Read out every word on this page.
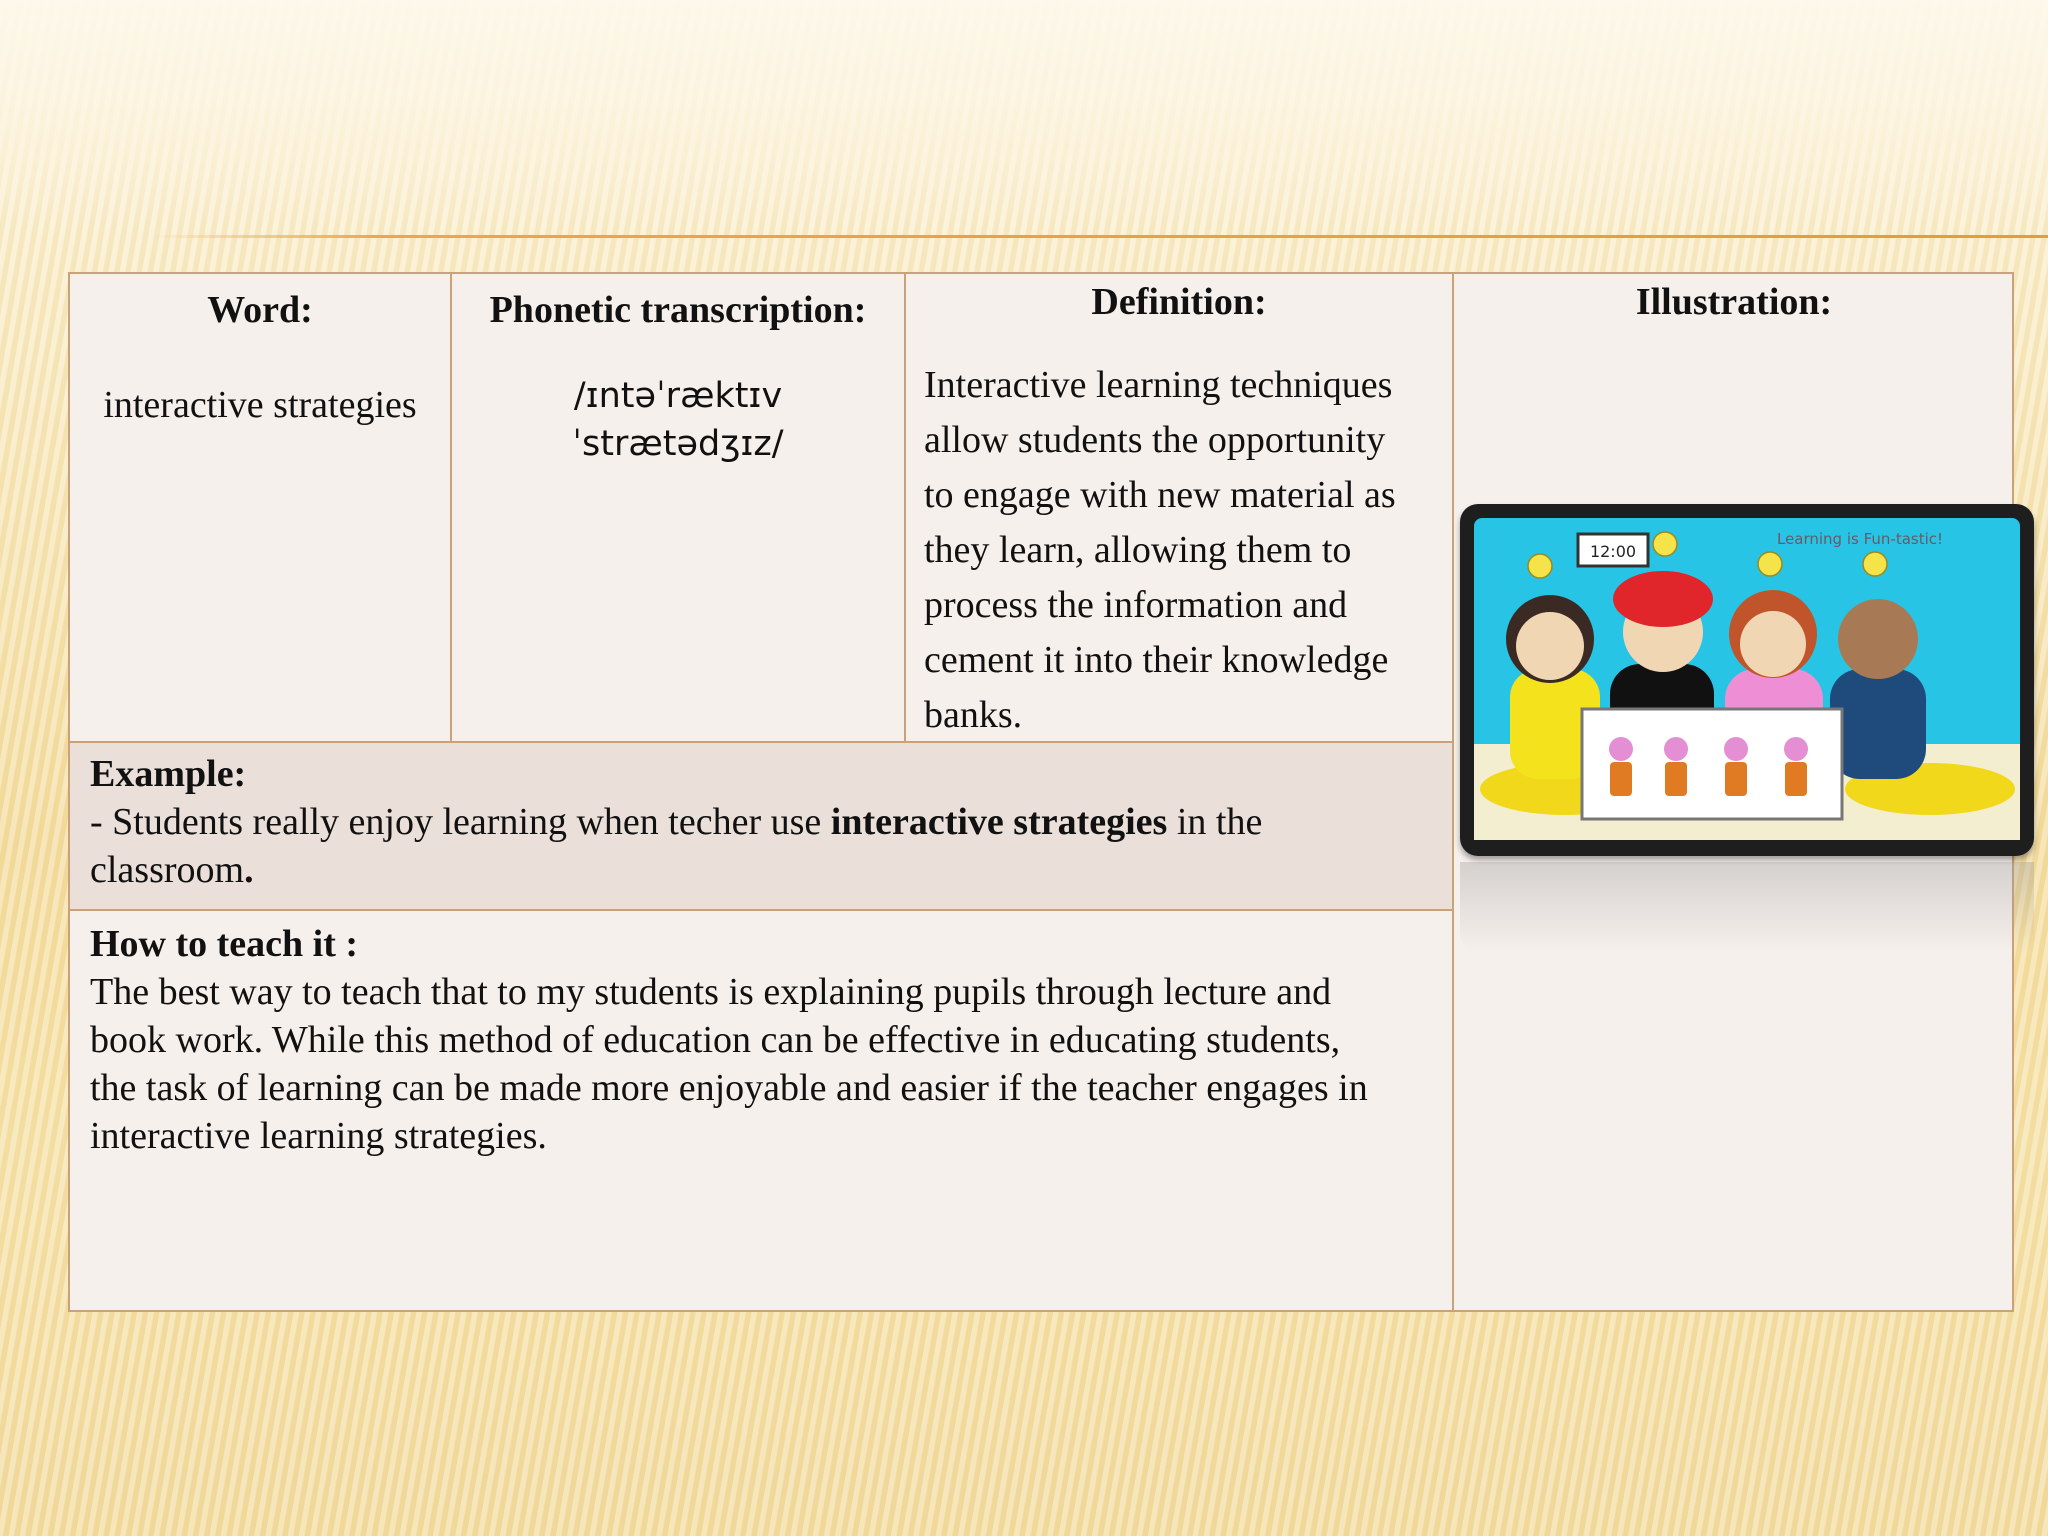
Word:
interactive strategies
Phonetic transcription:
/ɪntəˈræktɪv
ˈstrætədʒɪz/
Definition:
Interactive learning techniques
allow students the opportunity
to engage with new material as
they learn, allowing them to
process the information and
cement it into their knowledge
banks.
Illustration:
12:00
Learning is Fun-tastic!
Example:
- Students really enjoy learning when techer use interactive strategies in the
classroom.
How to teach it :
The best way to teach that to my students is explaining pupils through lecture and
book work. While this method of education can be effective in educating students,
the task of learning can be made more enjoyable and easier if the teacher engages in
interactive learning strategies.
